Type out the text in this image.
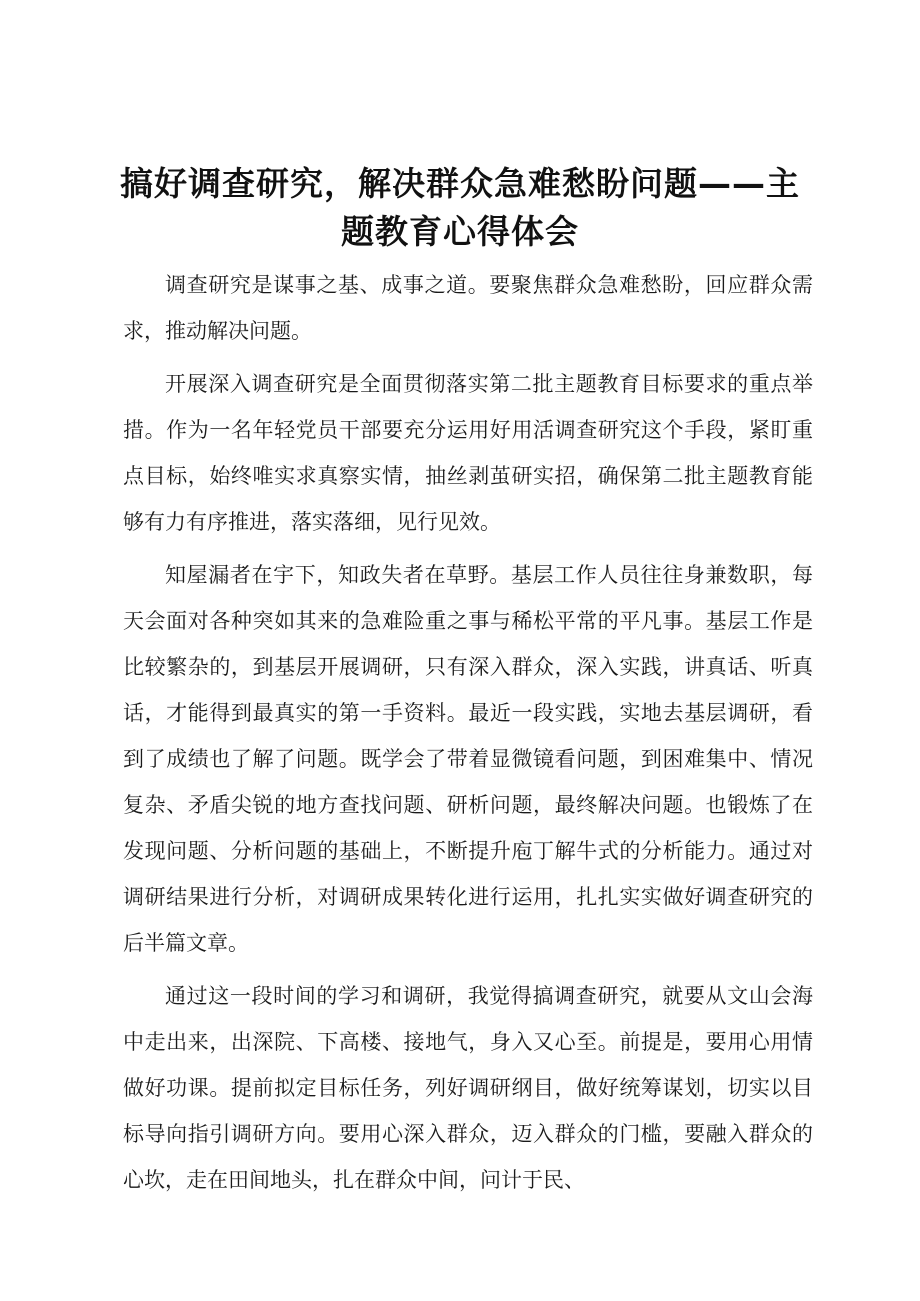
搞好调查研究，解决群众急难愁盼问题——主题教育心得体会

调查研究是谋事之基、成事之道。要聚焦群众急难愁盼，回应群众需求，推动解决问题。

开展深入调查研究是全面贯彻落实第二批主题教育目标要求的重点举措。作为一名年轻党员干部要充分运用好用活调查研究这个手段，紧盯重点目标，始终唯实求真察实情，抽丝剥茧研实招，确保第二批主题教育能够有力有序推进，落实落细，见行见效。

知屋漏者在宇下，知政失者在草野。基层工作人员往往身兼数职，每天会面对各种突如其来的急难险重之事与稀松平常的平凡事。基层工作是比较繁杂的，到基层开展调研，只有深入群众，深入实践，讲真话、听真话，才能得到最真实的第一手资料。最近一段实践，实地去基层调研，看到了成绩也了解了问题。既学会了带着显微镜看问题，到困难集中、情况复杂、矛盾尖锐的地方查找问题、研析问题，最终解决问题。也锻炼了在发现问题、分析问题的基础上，不断提升庖丁解牛式的分析能力。通过对调研结果进行分析，对调研成果转化进行运用，扎扎实实做好调查研究的后半篇文章。

通过这一段时间的学习和调研，我觉得搞调查研究，就要从文山会海中走出来，出深院、下高楼、接地气，身入又心至。前提是，要用心用情做好功课。提前拟定目标任务，列好调研纲目，做好统筹谋划，切实以目标导向指引调研方向。要用心深入群众，迈入群众的门槛，要融入群众的心坎，走在田间地头，扎在群众中间，问计于民、
